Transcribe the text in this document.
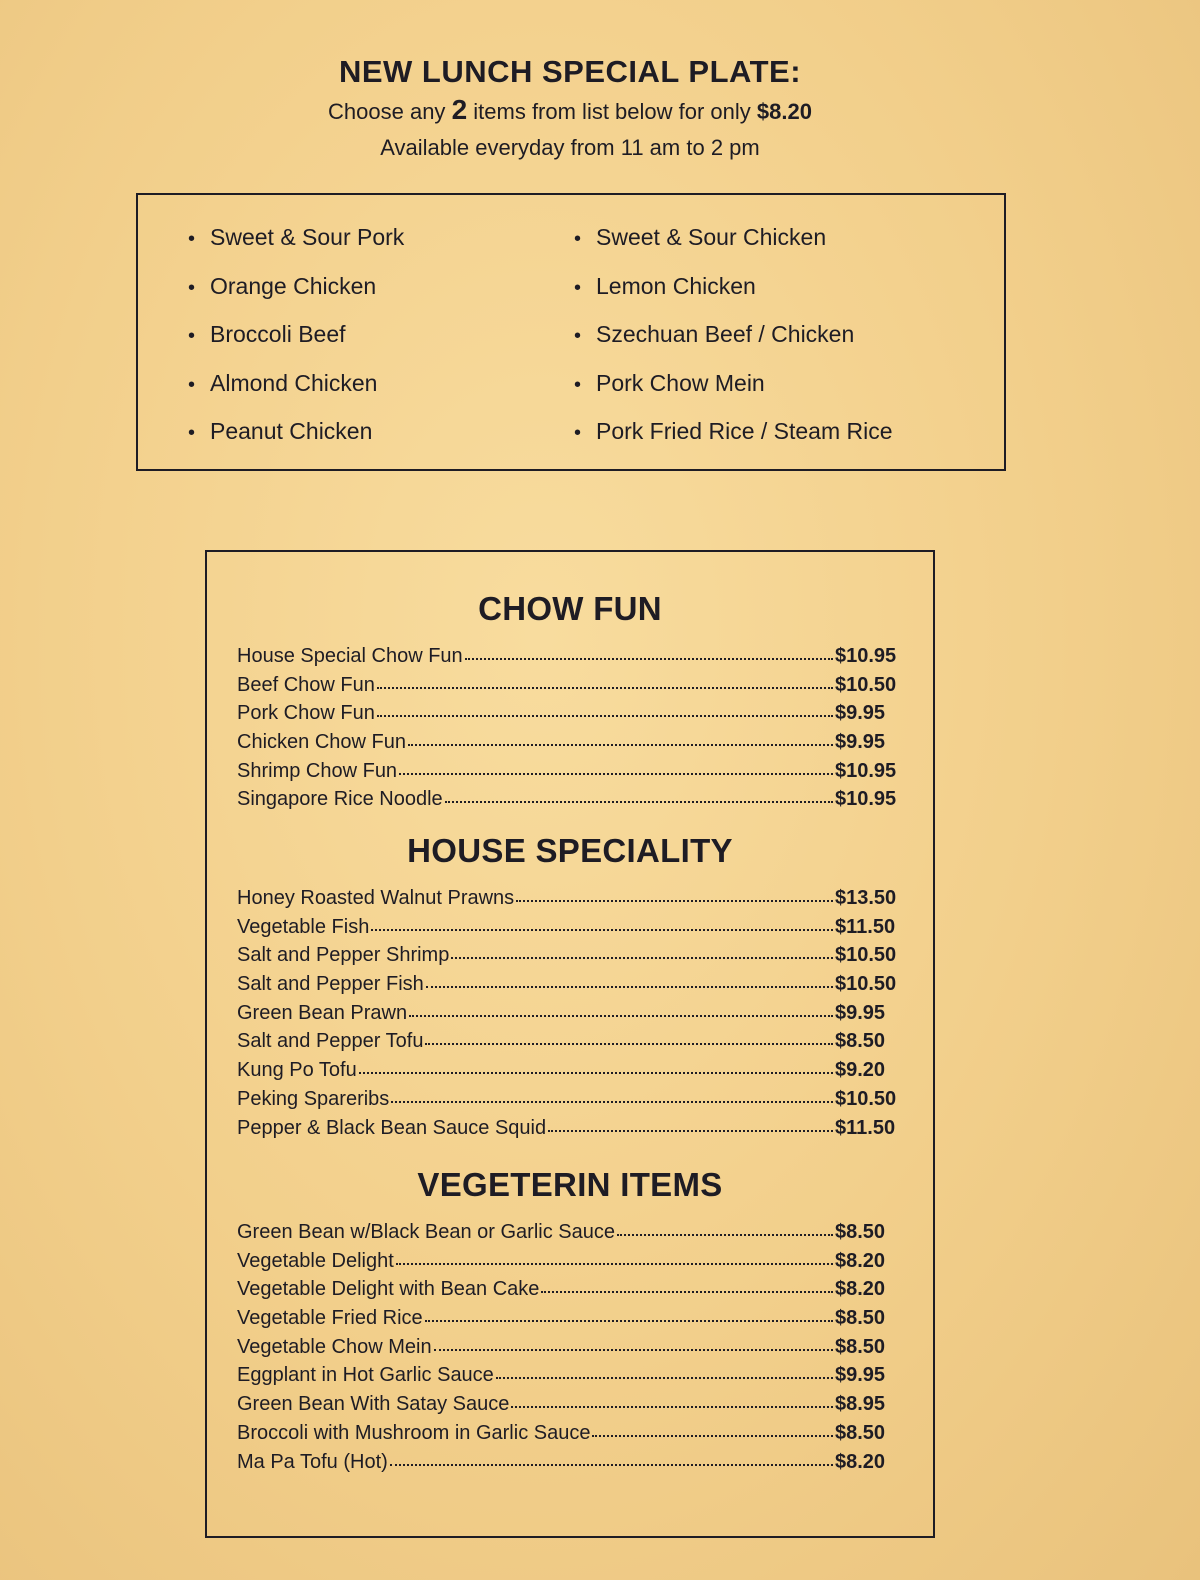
NEW LUNCH SPECIAL PLATE:

Choose any 2 items from list below for only $8.20

Available everyday from 11 am to 2 pm

• Sweet & Sour Pork
• Orange Chicken
• Broccoli Beef
• Almond Chicken
• Peanut Chicken
• Sweet & Sour Chicken
• Lemon Chicken
• Szechuan Beef / Chicken
• Pork Chow Mein
• Pork Fried Rice / Steam Rice
CHOW FUN
House Special Chow Fun	$10.95
Beef Chow Fun	$10.50
Pork Chow Fun	$9.95
Chicken Chow Fun	$9.95
Shrimp Chow Fun	$10.95
Singapore Rice Noodle	$10.95
HOUSE SPECIALITY
Honey Roasted Walnut Prawns	$13.50
Vegetable Fish	$11.50
Salt and Pepper Shrimp	$10.50
Salt and Pepper Fish	$10.50
Green Bean Prawn	$9.95
Salt and Pepper Tofu	$8.50
Kung Po Tofu	$9.20
Peking Spareribs	$10.50
Pepper & Black Bean Sauce Squid	$11.50
VEGETERIN ITEMS
Green Bean w/Black Bean or Garlic Sauce	$8.50
Vegetable Delight	$8.20
Vegetable Delight with Bean Cake	$8.20
Vegetable Fried Rice	$8.50
Vegetable Chow Mein	$8.50
Eggplant in Hot Garlic Sauce	$9.95
Green Bean With Satay Sauce	$8.95
Broccoli with Mushroom in Garlic Sauce	$8.50
Ma Pa Tofu (Hot)	$8.20
